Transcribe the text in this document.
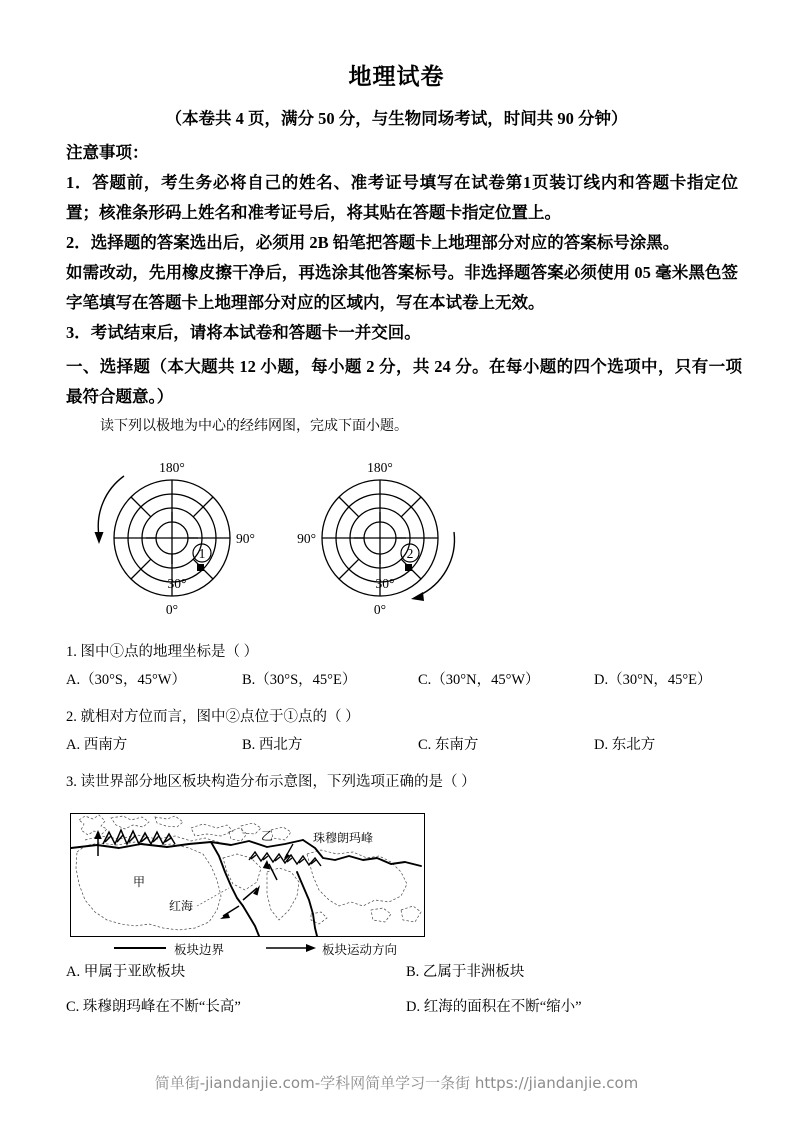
地理试卷
（本卷共 4 页，满分 50 分，与生物同场考试，时间共 90 分钟）
注意事项：
1．答题前，考生务必将自己的姓名、准考证号填写在试卷第1页装订线内和答题卡指定位置；核准条形码上姓名和准考证号后，将其贴在答题卡指定位置上。
2．选择题的答案选出后，必须用 2B 铅笔把答题卡上地理部分对应的答案标号涂黑。
如需改动，先用橡皮擦干净后，再选涂其他答案标号。非选择题答案必须使用 05 毫米黑色签字笔填写在答题卡上地理部分对应的区域内，写在本试卷上无效。
3．考试结束后，请将本试卷和答题卡一并交回。
一、选择题（本大题共 12 小题，每小题 2 分，共 24 分。在每小题的四个选项中，只有一项最符合题意。）
读下列以极地为中心的经纬网图，完成下面小题。
1
180°
90°
30°
0°
2
180°
90°
30°
0°
1. 图中①点的地理坐标是（ ）
A.（30°S，45°W）	B.（30°S，45°E）	C.（30°N，45°W）	D.（30°N，45°E）
2. 就相对方位而言，图中②点位于①点的（ ）
A. 西南方	B. 西北方	C. 东南方	D. 东北方
3. 读世界部分地区板块构造分布示意图，下列选项正确的是（ ）
甲
乙	珠穆朗玛峰
红海
板块边界	板块运动方向
A. 甲属于亚欧板块	B. 乙属于非洲板块
C. 珠穆朗玛峰在不断“长高”	D. 红海的面积在不断“缩小”
简单街-jiandanjie.com-学科网简单学习一条街 https://jiandanjie.com
